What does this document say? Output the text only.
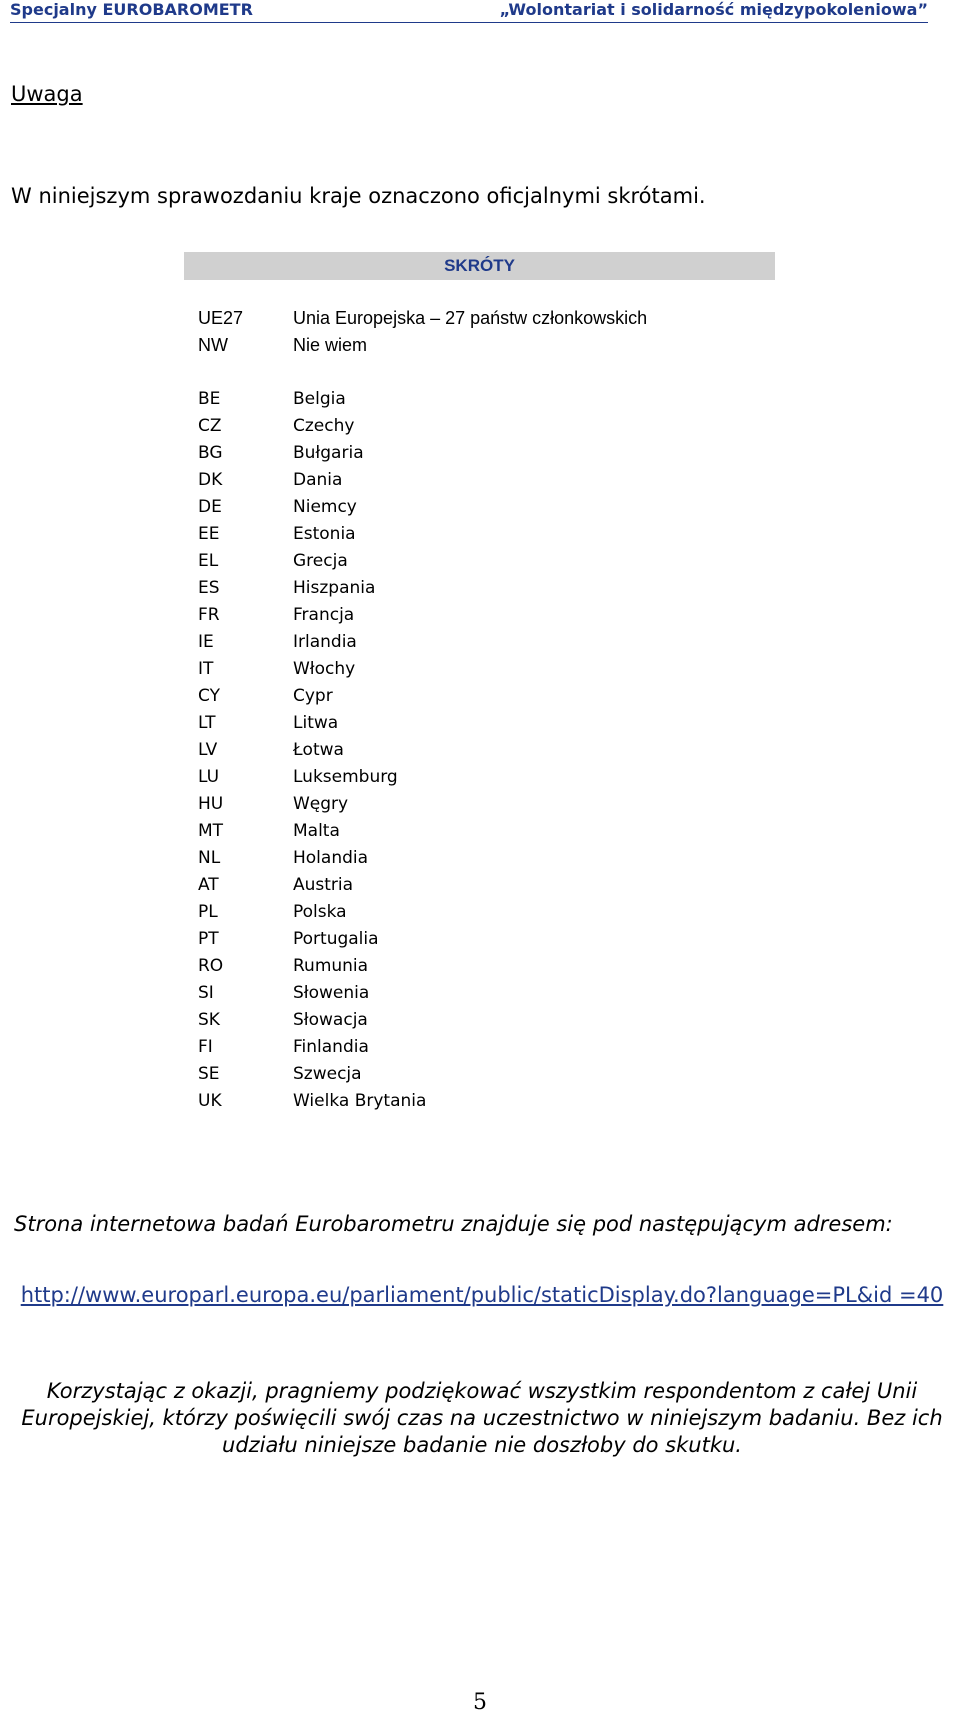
Specjalny EUROBAROMETR	„Wolontariat i solidarność międzypokoleniowa”
Uwaga
W niniejszym sprawozdaniu kraje oznaczono oficjalnymi skrótami.
SKRÓTY
UE27	Unia Europejska – 27 państw członkowskich
NW	Nie wiem
BE	Belgia
CZ	Czechy
BG	Bułgaria
DK	Dania
DE	Niemcy
EE	Estonia
EL	Grecja
ES	Hiszpania
FR	Francja
IE	Irlandia
IT	Włochy
CY	Cypr
LT	Litwa
LV	Łotwa
LU	Luksemburg
HU	Węgry
MT	Malta
NL	Holandia
AT	Austria
PL	Polska
PT	Portugalia
RO	Rumunia
SI	Słowenia
SK	Słowacja
FI	Finlandia
SE	Szwecja
UK	Wielka Brytania
Strona internetowa badań Eurobarometru znajduje się pod następującym adresem:
http://www.europarl.europa.eu/parliament/public/staticDisplay.do?language=PL&id =40
Korzystając z okazji, pragniemy podziękować wszystkim respondentom z całej Unii Europejskiej, którzy poświęcili swój czas na uczestnictwo w niniejszym badaniu. Bez ich udziału niniejsze badanie nie doszłoby do skutku.
5
